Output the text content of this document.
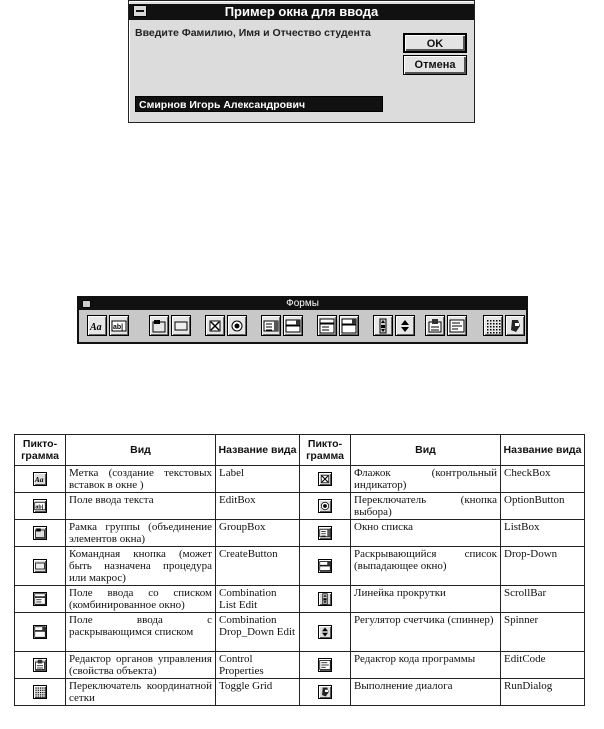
Пример окна для ввода
Введите Фамилию, Имя и Отчество студента
OK
Отмена
Смирнов Игорь Александрович
Формы
Aa ab|
Пикто-грамма	Вид	Название вида	Пикто-грамма	Вид	Название вида

Aa	Метка (создание текстовых вставок в окне )	Label		Флажок (контрольный индикатор)	CheckBox

ab|	Поле ввода текста	EditBox		Переключатель (кнопка выбора)	OptionButton

	Рамка группы (объединение элементов окна)	GroupBox		Окно списка	ListBox

	Командная кнопка (может быть назначена процедура или макрос)	CreateButton		Раскрывающийся список (выпадающее окно)	Drop-Down

	Поле ввода со списком (комбинированное окно)	Combination List Edit		Линейка прокрутки	ScrollBar

	Поле ввода с раскрывающимся списком	Combination Drop_Down Edit		Регулятор счетчика (спиннер)	Spinner

	Редактор органов управления (свойства объекта)	Control Properties		Редактор кода программы	EditCode

	Переключатель координатной сетки	Toggle Grid		Выполнение диалога	RunDialog
